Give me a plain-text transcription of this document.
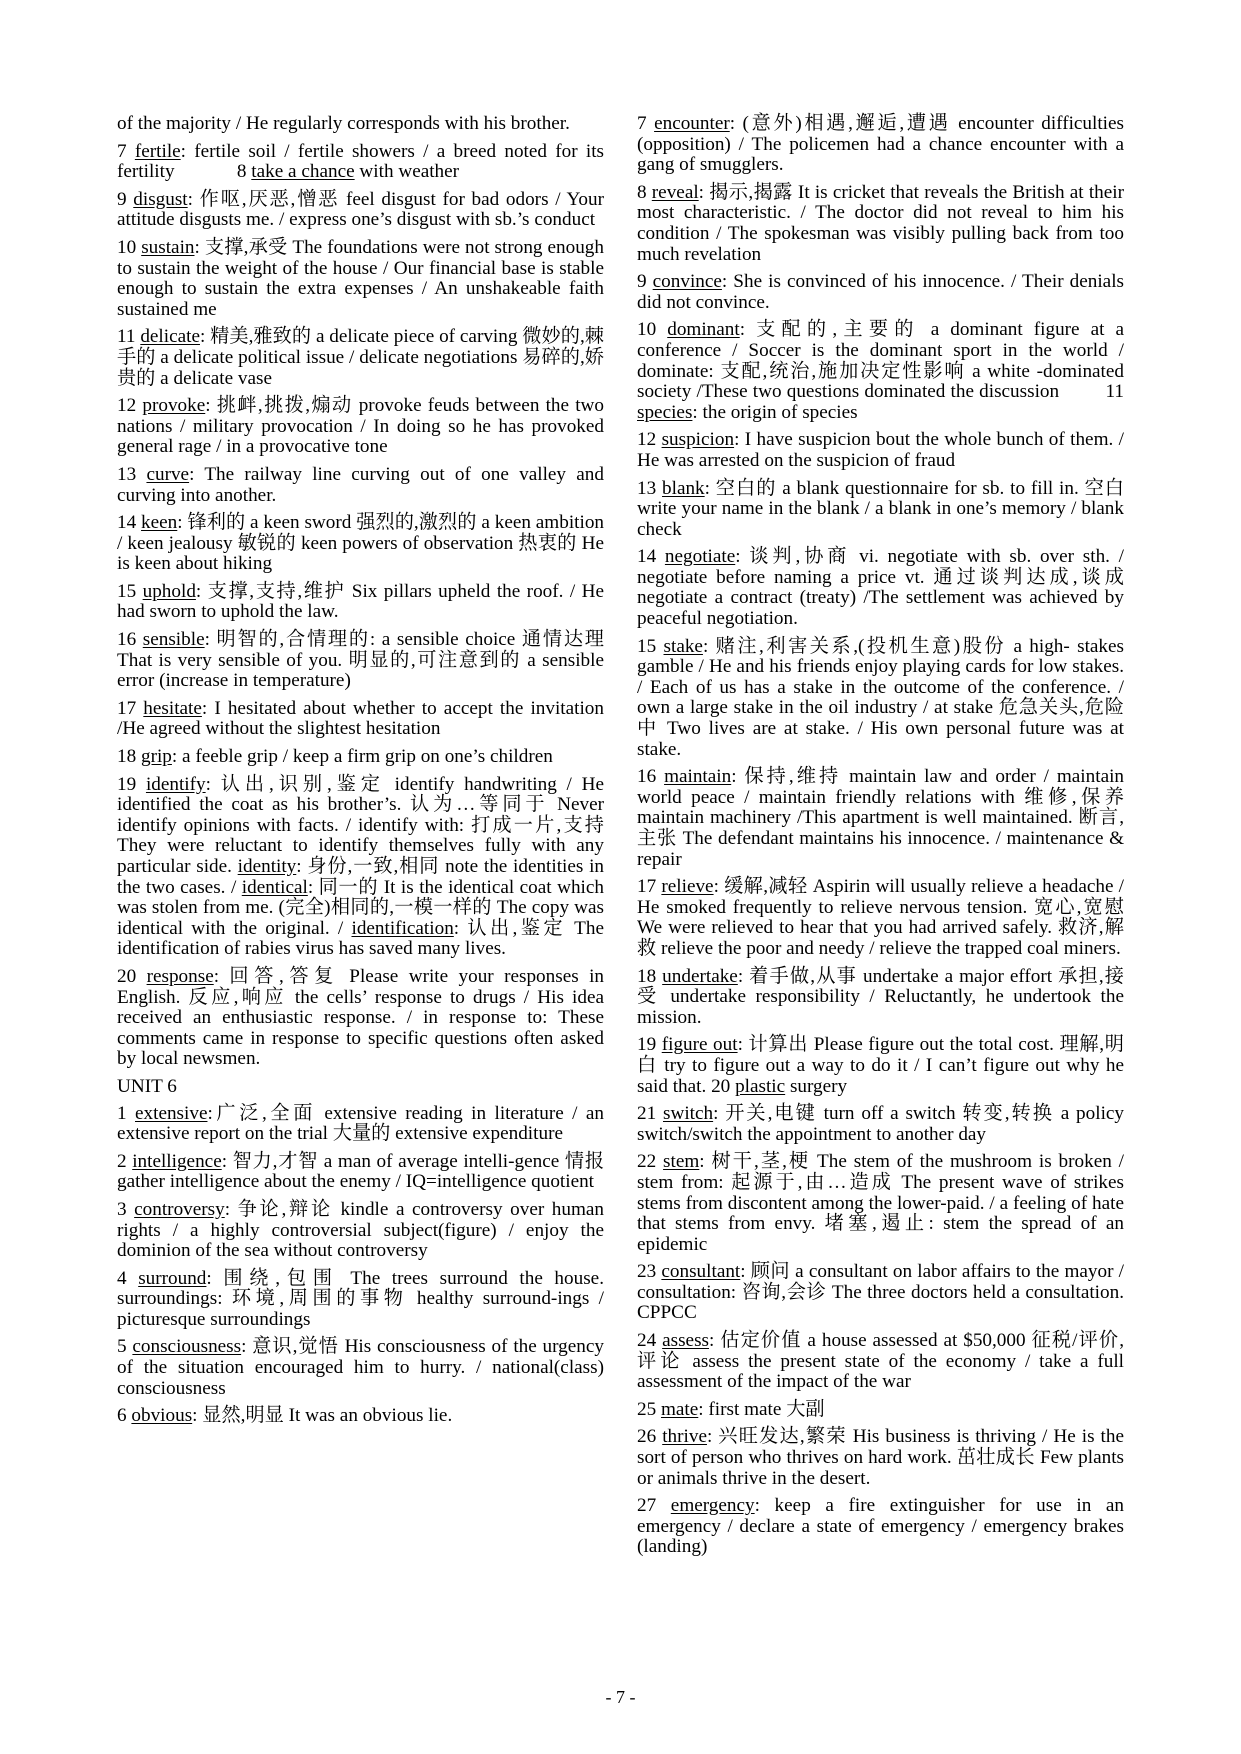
of the majority / He regularly corresponds with his brother.

7 fertile: fertile soil / fertile showers / a breed noted for its fertility             8 take a chance with weather

9 disgust: 作呕,厌恶,憎恶 feel disgust for bad odors / Your attitude disgusts me. / express one’s disgust with sb.’s conduct

10 sustain: 支撑,承受 The foundations were not strong enough to sustain the weight of the house / Our financial base is stable enough to sustain the extra expenses / An unshakeable faith sustained me

11 delicate: 精美,雅致的 a delicate piece of carving 微妙的,棘手的 a delicate political issue / delicate negotiations 易碎的,娇贵的 a delicate vase

12 provoke: 挑衅,挑拨,煽动 provoke feuds between the two nations / military provocation / In doing so he has provoked general rage / in a provocative tone

13 curve: The railway line curving out of one valley and curving into another.

14 keen: 锋利的 a keen sword 强烈的,激烈的 a keen ambition / keen jealousy 敏锐的 keen powers of observation 热衷的 He is keen about hiking

15 uphold: 支撑,支持,维护 Six pillars upheld the roof. / He had sworn to uphold the law.

16 sensible: 明智的,合情理的: a sensible choice 通情达理 That is very sensible of you. 明显的,可注意到的 a sensible error (increase in temperature)

17 hesitate: I hesitated about whether to accept the invitation /He agreed without the slightest hesitation

18 grip: a feeble grip / keep a firm grip on one’s children

19 identify: 认出,识别,鉴定 identify handwriting / He identified the coat as his brother’s. 认为…等同于 Never identify opinions with facts. / identify with: 打成一片,支持 They were reluctant to identify themselves fully with any particular side. identity: 身份,一致,相同 note the identities in the two cases. / identical: 同一的 It is the identical coat which was stolen from me. (完全)相同的,一模一样的 The copy was identical with the original. / identification: 认出,鉴定 The identification of rabies virus has saved many lives.

20 response: 回答,答复 Please write your responses in English. 反应,响应 the cells’ response to drugs / His idea received an enthusiastic response. / in response to: These comments came in response to specific questions often asked by local newsmen.

UNIT 6

1 extensive:广泛,全面 extensive reading in literature / an extensive report on the trial 大量的 extensive expenditure

2 intelligence: 智力,才智 a man of average intelli-gence 情报 gather intelligence about the enemy / IQ=intelligence quotient

3 controversy: 争论,辩论 kindle a controversy over human rights / a highly controversial subject(figure) / enjoy the dominion of the sea without controversy

4 surround: 围绕,包围 The trees surround the house. surroundings: 环境,周围的事物 healthy surround-ings / picturesque surroundings

5 consciousness: 意识,觉悟 His consciousness of the urgency of the situation encouraged him to hurry. / national(class) consciousness

6 obvious: 显然,明显 It was an obvious lie.

7 encounter: (意外)相遇,邂逅,遭遇 encounter difficulties (opposition) / The policemen had a chance encounter with a gang of smugglers.

8 reveal: 揭示,揭露 It is cricket that reveals the British at their most characteristic. / The doctor did not reveal to him his condition / The spokesman was visibly pulling back from too much revelation

9 convince: She is convinced of his innocence. / Their denials did not convince.

10 dominant: 支配的,主要的 a dominant figure at a conference / Soccer is the dominant sport in the world / dominate: 支配,统治,施加决定性影响 a white -dominated society /These two questions dominated the discussion         11 species: the origin of species

12 suspicion: I have suspicion bout the whole bunch of them. / He was arrested on the suspicion of fraud

13 blank: 空白的 a blank questionnaire for sb. to fill in. 空白 write your name in the blank / a blank in one’s memory / blank check

14 negotiate: 谈判,协商 vi. negotiate with sb. over sth. / negotiate before naming a price vt. 通过谈判达成,谈成 negotiate a contract (treaty) /The settlement was achieved by peaceful negotiation.

15 stake: 赌注,利害关系,(投机生意)股份 a high- stakes gamble / He and his friends enjoy playing cards for low stakes. / Each of us has a stake in the outcome of the conference. / own a large stake in the oil industry / at stake 危急关头,危险中 Two lives are at stake. / His own personal future was at stake.

16 maintain: 保持,维持 maintain law and order / maintain world peace / maintain friendly relations with 维修,保养 maintain machinery /This apartment is well maintained. 断言,主张 The defendant maintains his innocence. / maintenance & repair

17 relieve: 缓解,减轻 Aspirin will usually relieve a headache / He smoked frequently to relieve nervous tension. 宽心,宽慰 We were relieved to hear that you had arrived safely. 救济,解救 relieve the poor and needy / relieve the trapped coal miners.

18 undertake: 着手做,从事 undertake a major effort 承担,接受 undertake responsibility / Reluctantly, he undertook the mission.

19 figure out: 计算出 Please figure out the total cost. 理解,明白 try to figure out a way to do it / I can’t figure out why he said that. 20 plastic surgery

21 switch: 开关,电键 turn off a switch 转变,转换 a policy switch/switch the appointment to another day

22 stem: 树干,茎,梗 The stem of the mushroom is broken / stem from: 起源于,由…造成 The present wave of strikes stems from discontent among the lower-paid. / a feeling of hate that stems from envy. 堵塞,遏止: stem the spread of an epidemic

23 consultant: 顾问 a consultant on labor affairs to the mayor / consultation: 咨询,会诊 The three doctors held a consultation. CPPCC

24 assess: 估定价值 a house assessed at $50,000 征税/评价,评论 assess the present state of the economy / take a full assessment of the impact of the war

25 mate: first mate 大副

26 thrive: 兴旺发达,繁荣 His business is thriving / He is the sort of person who thrives on hard work. 茁壮成长 Few plants or animals thrive in the desert.

27 emergency: keep a fire extinguisher for use in an emergency / declare a state of emergency / emergency brakes (landing)

- 7 -
